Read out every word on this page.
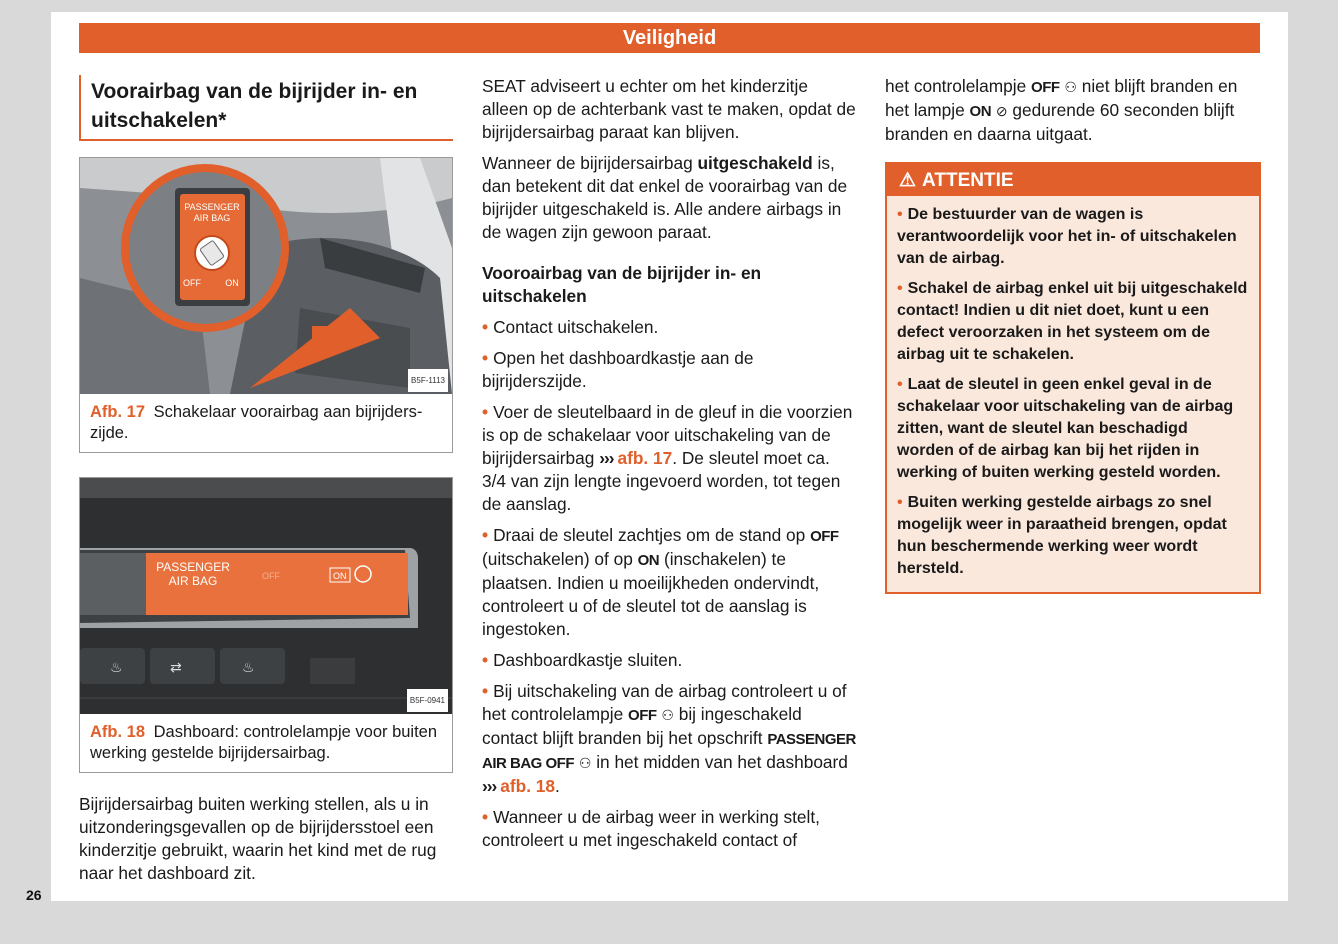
Veiligheid
Voorairbag van de bijrijder in- en uitschakelen*
PASSENGER
AIR BAG
OFF	ON
B5F-1113
Afb. 17 Schakelaar voorairbag aan bijrijderszijde.
PASSENGER
AIR BAG	OFF	ON
♨	⇄	♨
B5F-0941
Afb. 18 Dashboard: controlelampje voor buiten werking gestelde bijrijdersairbag.

Bijrijdersairbag buiten werking stellen, als u in uitzonderingsgevallen op de bijrijdersstoel een kinderzitje gebruikt, waarin het kind met de rug naar het dashboard zit.

SEAT adviseert u echter om het kinderzitje alleen op de achterbank vast te maken, opdat de bijrijdersairbag paraat kan blijven.

Wanneer de bijrijdersairbag uitgeschakeld is, dan betekent dit dat enkel de voorairbag van de bijrijder uitgeschakeld is. Alle andere airbags in de wagen zijn gewoon paraat.

Vooroairbag van de bijrijder in- en uitschakelen
• Contact uitschakelen.
• Open het dashboardkastje aan de bijrijderszijde.
• Voer de sleutelbaard in de gleuf in die voorzien is op de schakelaar voor uitschakeling van de bijrijdersairbag ››› afb. 17. De sleutel moet ca. 3/4 van zijn lengte ingevoerd worden, tot tegen de aanslag.
• Draai de sleutel zachtjes om de stand op OFF (uitschakelen) of op ON (inschakelen) te plaatsen. Indien u moeilijkheden ondervindt, controleert u of de sleutel tot de aanslag is ingestoken.
• Dashboardkastje sluiten.
• Bij uitschakeling van de airbag controleert u of het controlelampje OFF ⚇ bij ingeschakeld contact blijft branden bij het opschrift PASSENGER AIR BAG OFF ⚇ in het midden van het dashboard ››› afb. 18.
• Wanneer u de airbag weer in werking stelt, controleert u met ingeschakeld contact of

het controlelampje OFF ⚇ niet blijft branden en het lampje ON ⊘ gedurende 60 seconden blijft branden en daarna uitgaat.

⚠ ATTENTIE
• De bestuurder van de wagen is verantwoordelijk voor het in- of uitschakelen van de airbag.
• Schakel de airbag enkel uit bij uitgeschakeld contact! Indien u dit niet doet, kunt u een defect veroorzaken in het systeem om de airbag uit te schakelen.
• Laat de sleutel in geen enkel geval in de schakelaar voor uitschakeling van de airbag zitten, want de sleutel kan beschadigd worden of de airbag kan bij het rijden in werking of buiten werking gesteld worden.
• Buiten werking gestelde airbags zo snel mogelijk weer in paraatheid brengen, opdat hun beschermende werking weer wordt hersteld.
26
